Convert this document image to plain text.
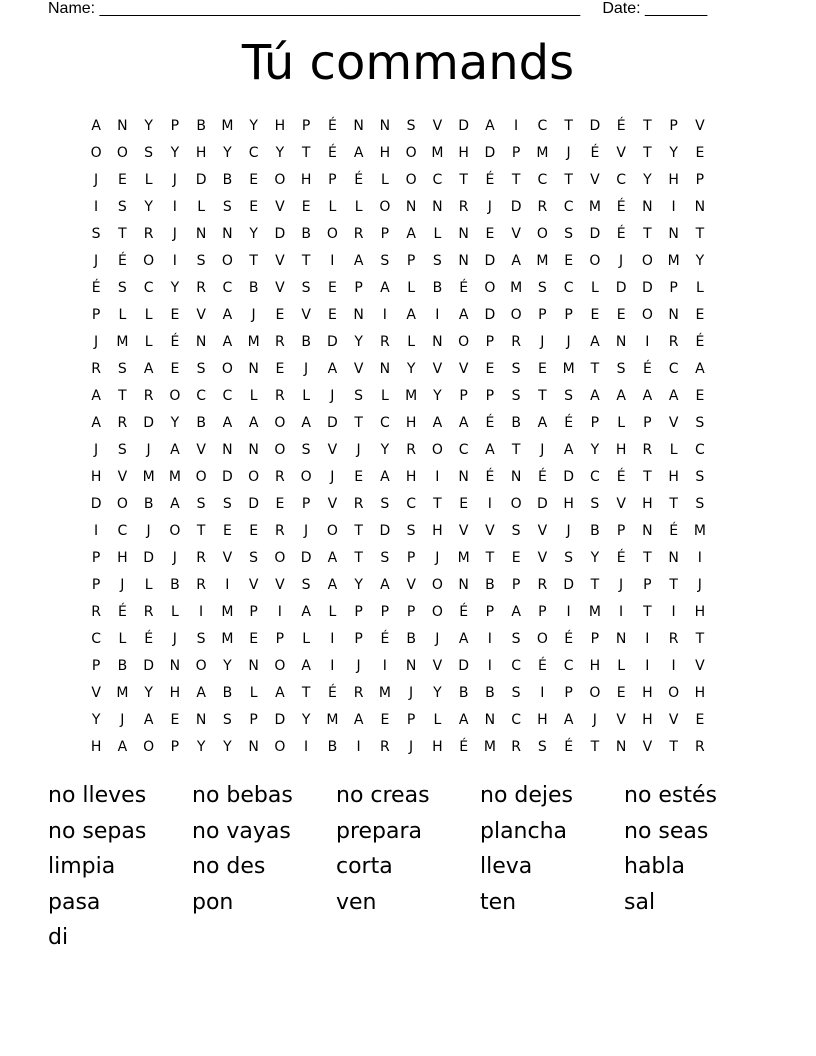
Name: ______________________________________________________     Date: _______
Tú commands
A	N	Y	P	B	M	Y	H	P	É	N	N	S	V	D	A	I	C	T	D	É	T	P	V
O	O	S	Y	H	Y	C	Y	T	É	A	H	O	M	H	D	P	M	J	É	V	T	Y	E
J	E	L	J	D	B	E	O	H	P	É	L	O	C	T	É	T	C	T	V	C	Y	H	P
I	S	Y	I	L	S	E	V	E	L	L	O	N	N	R	J	D	R	C	M	É	N	I	N
S	T	R	J	N	N	Y	D	B	O	R	P	A	L	N	E	V	O	S	D	É	T	N	T
J	É	O	I	S	O	T	V	T	I	A	S	P	S	N	D	A	M	E	O	J	O	M	Y
É	S	C	Y	R	C	B	V	S	E	P	A	L	B	É	O	M	S	C	L	D	D	P	L
P	L	L	E	V	A	J	E	V	E	N	I	A	I	A	D	O	P	P	E	E	O	N	E
J	M	L	É	N	A	M	R	B	D	Y	R	L	N	O	P	R	J	J	A	N	I	R	É
R	S	A	E	S	O	N	E	J	A	V	N	Y	V	V	E	S	E	M	T	S	É	C	A
A	T	R	O	C	C	L	R	L	J	S	L	M	Y	P	P	S	T	S	A	A	A	A	E
A	R	D	Y	B	A	A	O	A	D	T	C	H	A	A	É	B	A	É	P	L	P	V	S
J	S	J	A	V	N	N	O	S	V	J	Y	R	O	C	A	T	J	A	Y	H	R	L	C
H	V	M	M	O	D	O	R	O	J	E	A	H	I	N	É	N	É	D	C	É	T	H	S
D	O	B	A	S	S	D	E	P	V	R	S	C	T	E	I	O	D	H	S	V	H	T	S
I	C	J	O	T	E	E	R	J	O	T	D	S	H	V	V	S	V	J	B	P	N	É	M
P	H	D	J	R	V	S	O	D	A	T	S	P	J	M	T	E	V	S	Y	É	T	N	I
P	J	L	B	R	I	V	V	S	A	Y	A	V	O	N	B	P	R	D	T	J	P	T	J
R	É	R	L	I	M	P	I	A	L	P	P	P	O	É	P	A	P	I	M	I	T	I	H
C	L	É	J	S	M	E	P	L	I	P	É	B	J	A	I	S	O	É	P	N	I	R	T
P	B	D	N	O	Y	N	O	A	I	J	I	N	V	D	I	C	É	C	H	L	I	I	V
V	M	Y	H	A	B	L	A	T	É	R	M	J	Y	B	B	S	I	P	O	E	H	O	H
Y	J	A	E	N	S	P	D	Y	M	A	E	P	L	A	N	C	H	A	J	V	H	V	E
H	A	O	P	Y	Y	N	O	I	B	I	R	J	H	É	M	R	S	É	T	N	V	T	R
no lleves	no bebas	no creas	no dejes	no estés
no sepas	no vayas	prepara	plancha	no seas
limpia	no des	corta	lleva	habla
pasa	pon	ven	ten	sal
di
